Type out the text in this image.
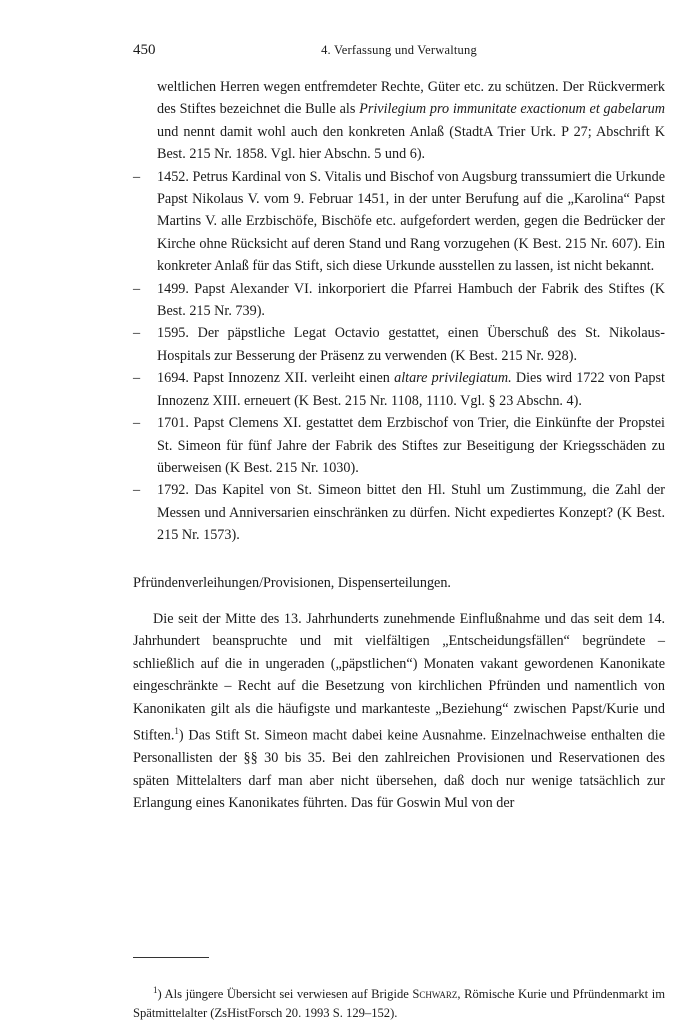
450	4. Verfassung und Verwaltung

weltlichen Herren wegen entfremdeter Rechte, Güter etc. zu schützen. Der Rückvermerk des Stiftes bezeichnet die Bulle als Privilegium pro immunitate exactionum et gabelarum und nennt damit wohl auch den konkreten Anlaß (StadtA Trier Urk. P 27; Abschrift K Best. 215 Nr. 1858. Vgl. hier Abschn. 5 und 6).

– 1452. Petrus Kardinal von S. Vitalis und Bischof von Augsburg transsumiert die Urkunde Papst Nikolaus V. vom 9. Februar 1451, in der unter Berufung auf die „Karolina“ Papst Martins V. alle Erzbischöfe, Bischöfe etc. aufgefordert werden, gegen die Bedrücker der Kirche ohne Rücksicht auf deren Stand und Rang vorzugehen (K Best. 215 Nr. 607). Ein konkreter Anlaß für das Stift, sich diese Urkunde ausstellen zu lassen, ist nicht bekannt.
– 1499. Papst Alexander VI. inkorporiert die Pfarrei Hambuch der Fabrik des Stiftes (K Best. 215 Nr. 739).
– 1595. Der päpstliche Legat Octavio gestattet, einen Überschuß des St. Nikolaus-Hospitals zur Besserung der Präsenz zu verwenden (K Best. 215 Nr. 928).
– 1694. Papst Innozenz XII. verleiht einen altare privilegiatum. Dies wird 1722 von Papst Innozenz XIII. erneuert (K Best. 215 Nr. 1108, 1110. Vgl. § 23 Abschn. 4).
– 1701. Papst Clemens XI. gestattet dem Erzbischof von Trier, die Einkünfte der Propstei St. Simeon für fünf Jahre der Fabrik des Stiftes zur Beseitigung der Kriegsschäden zu überweisen (K Best. 215 Nr. 1030).
– 1792. Das Kapitel von St. Simeon bittet den Hl. Stuhl um Zustimmung, die Zahl der Messen und Anniversarien einschränken zu dürfen. Nicht expediertes Konzept? (K Best. 215 Nr. 1573).

Pfründenverleihungen/Provisionen, Dispenserteilungen.

Die seit der Mitte des 13. Jahrhunderts zunehmende Einflußnahme und das seit dem 14. Jahrhundert beanspruchte und mit vielfältigen „Entscheidungsfällen“ begründete – schließlich auf die in ungeraden („päpstlichen“) Monaten vakant gewordenen Kanonikate eingeschränkte – Recht auf die Besetzung von kirchlichen Pfründen und namentlich von Kanonikaten gilt als die häufigste und markanteste „Beziehung“ zwischen Papst/Kurie und Stiften.$^1$) Das Stift St. Simeon macht dabei keine Ausnahme. Einzelnachweise enthalten die Personallisten der §§ 30 bis 35. Bei den zahlreichen Provisionen und Reservationen des späten Mittelalters darf man aber nicht übersehen, daß doch nur wenige tatsächlich zur Erlangung eines Kanonikates führten. Das für Goswin Mul von der

$^1$) Als jüngere Übersicht sei verwiesen auf Brigide Schwarz, Römische Kurie und Pfründenmarkt im Spätmittelalter (ZsHistForsch 20. 1993 S. 129–152).
